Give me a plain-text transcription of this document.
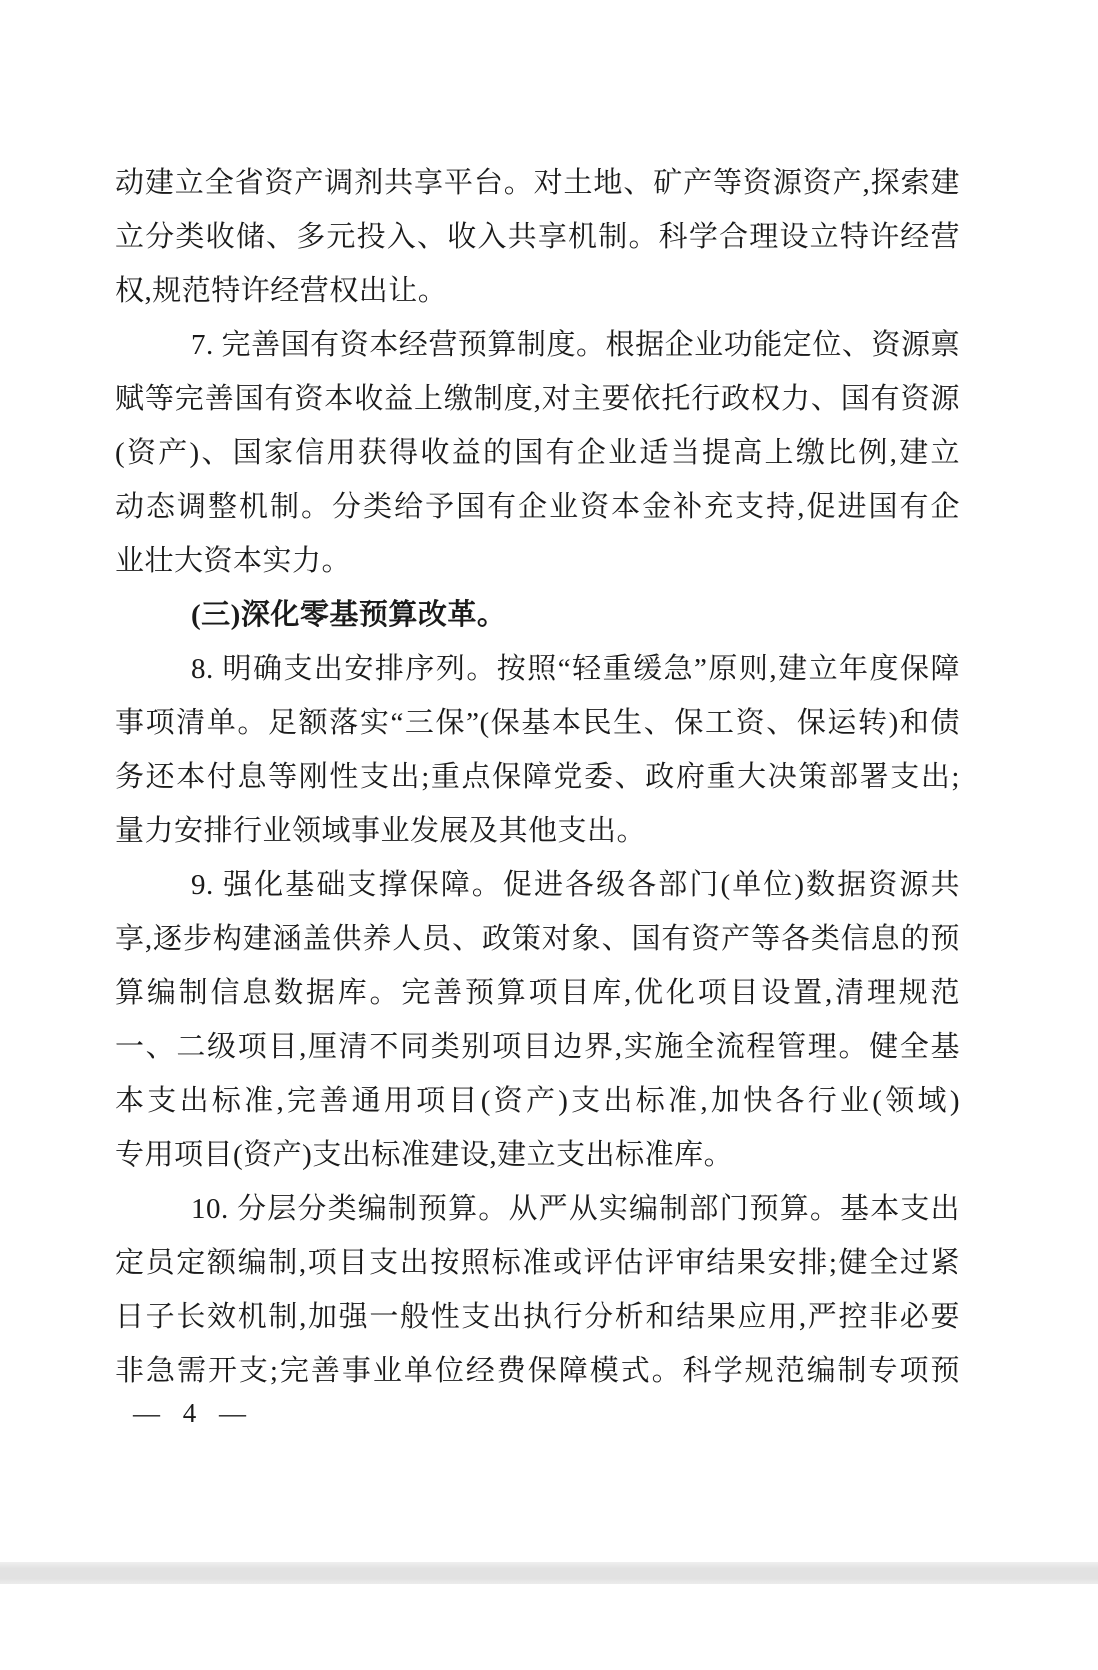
动建立全省资产调剂共享平台。对土地、矿产等资源资产,探索建
立分类收储、多元投入、收入共享机制。科学合理设立特许经营
权,规范特许经营权出让。
7. 完善国有资本经营预算制度。根据企业功能定位、资源禀
赋等完善国有资本收益上缴制度,对主要依托行政权力、国有资源
(资产)、国家信用获得收益的国有企业适当提高上缴比例,建立
动态调整机制。分类给予国有企业资本金补充支持,促进国有企
业壮大资本实力。
(三)深化零基预算改革。
8. 明确支出安排序列。按照“轻重缓急”原则,建立年度保障
事项清单。足额落实“三保”(保基本民生、保工资、保运转)和债
务还本付息等刚性支出;重点保障党委、政府重大决策部署支出;
量力安排行业领域事业发展及其他支出。
9. 强化基础支撑保障。促进各级各部门(单位)数据资源共
享,逐步构建涵盖供养人员、政策对象、国有资产等各类信息的预
算编制信息数据库。完善预算项目库,优化项目设置,清理规范
一、二级项目,厘清不同类别项目边界,实施全流程管理。健全基
本支出标准,完善通用项目(资产)支出标准,加快各行业(领域)
专用项目(资产)支出标准建设,建立支出标准库。
10. 分层分类编制预算。从严从实编制部门预算。基本支出
定员定额编制,项目支出按照标准或评估评审结果安排;健全过紧
日子长效机制,加强一般性支出执行分析和结果应用,严控非必要
非急需开支;完善事业单位经费保障模式。科学规范编制专项预
— 4 —
